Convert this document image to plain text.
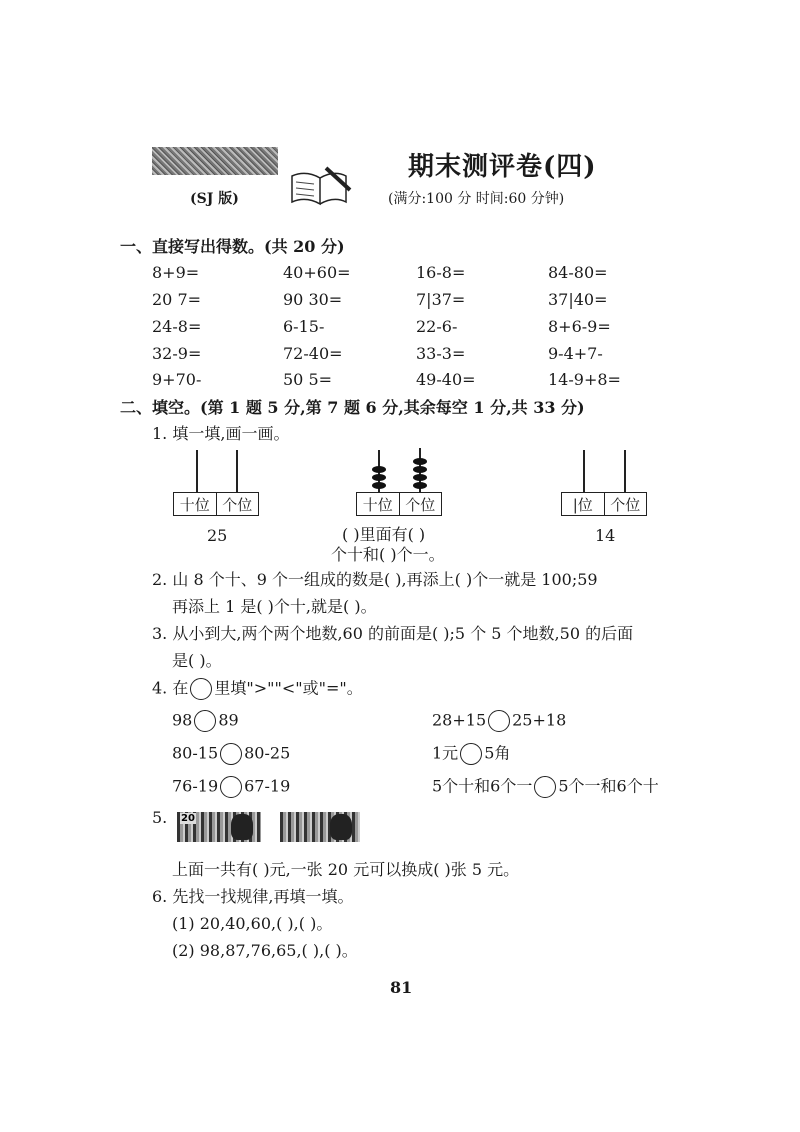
期末测评卷(四)
(SJ 版)	(满分:100 分 时间:60 分钟)
一、直接写出得数。(共 20 分)
8+9=	40+60=	16-8=	84-80=
20 7=	90 30=	7|37=	37|40=
24-8=	6-15-	22-6-	8+6-9=
32-9=	72-40=	33-3=	9-4+7-
9+70-	50 5=	49-40=	14-9+8=
二、填空。(第 1 题 5 分,第 7 题 6 分,其余每空 1 分,共 33 分)
1. 填一填,画一画。
十位 个位
25
十位 个位
( )里面有( )
个十和( )个一。
|位	个位
14
2. 山 8 个十、9 个一组成的数是( ),再添上( )个一就是 100;59
再添上 1 是( )个十,就是( )。
3. 从小到大,两个两个地数,60 的前面是( );5 个 5 个地数,50 的后面
是( )。
4. 在 里填">""<"或"="。
98 89	28+15 25+18
80-15 80-25	1元 5角
76-19 67-19	5个十和6个一 5个一和6个十
5. 20
上面一共有( )元,一张 20 元可以换成( )张 5 元。
6. 先找一找规律,再填一填。
(1) 20,40,60,( ),( )。
(2) 98,87,76,65,( ),( )。
81
